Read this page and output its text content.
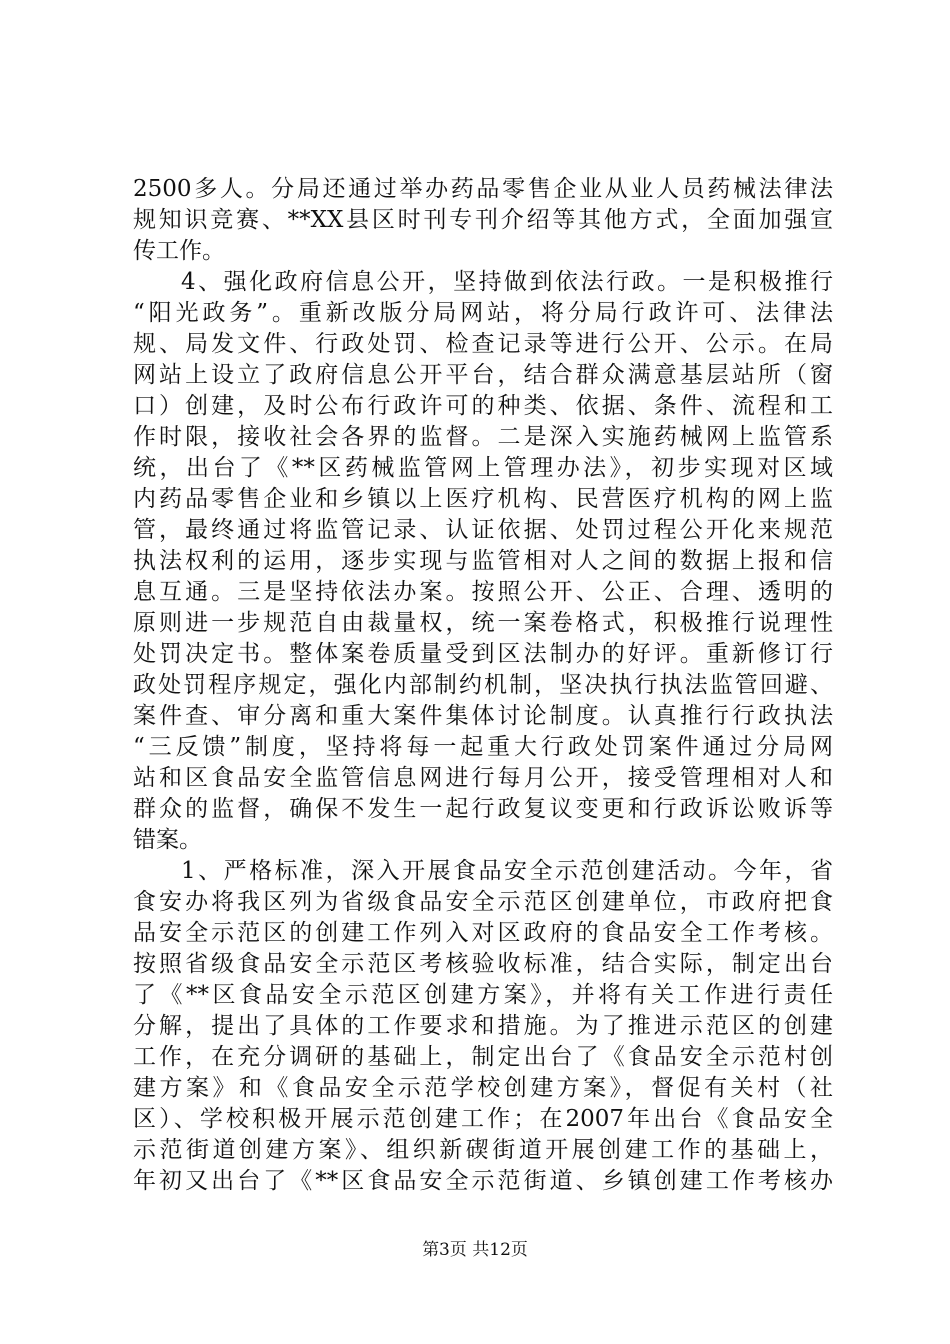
2500多人。分局还通过举办药品零售企业从业人员药械法律法
规知识竞赛、**XX县区时刊专刊介绍等其他方式，全面加强宣
传工作。
4、强化政府信息公开，坚持做到依法行政。一是积极推行
“阳光政务”。重新改版分局网站，将分局行政许可、法律法
规、局发文件、行政处罚、检查记录等进行公开、公示。在局
网站上设立了政府信息公开平台，结合群众满意基层站所（窗
口）创建，及时公布行政许可的种类、依据、条件、流程和工
作时限，接收社会各界的监督。二是深入实施药械网上监管系
统，出台了《**区药械监管网上管理办法》，初步实现对区域
内药品零售企业和乡镇以上医疗机构、民营医疗机构的网上监
管，最终通过将监管记录、认证依据、处罚过程公开化来规范
执法权利的运用，逐步实现与监管相对人之间的数据上报和信
息互通。三是坚持依法办案。按照公开、公正、合理、透明的
原则进一步规范自由裁量权，统一案卷格式，积极推行说理性
处罚决定书。整体案卷质量受到区法制办的好评。重新修订行
政处罚程序规定，强化内部制约机制，坚决执行执法监管回避、
案件查、审分离和重大案件集体讨论制度。认真推行行政执法
“三反馈”制度，坚持将每一起重大行政处罚案件通过分局网
站和区食品安全监管信息网进行每月公开，接受管理相对人和
群众的监督，确保不发生一起行政复议变更和行政诉讼败诉等
错案。
1、严格标准，深入开展食品安全示范创建活动。今年，省
食安办将我区列为省级食品安全示范区创建单位，市政府把食
品安全示范区的创建工作列入对区政府的食品安全工作考核。
按照省级食品安全示范区考核验收标准，结合实际，制定出台
了《**区食品安全示范区创建方案》，并将有关工作进行责任
分解，提出了具体的工作要求和措施。为了推进示范区的创建
工作，在充分调研的基础上，制定出台了《食品安全示范村创
建方案》和《食品安全示范学校创建方案》，督促有关村（社
区）、学校积极开展示范创建工作；在2007年出台《食品安全
第3页 共12页
示范街道创建方案》、组织新碶街道开展创建工作的基础上，
年初又出台了《**区食品安全示范街道、乡镇创建工作考核办
